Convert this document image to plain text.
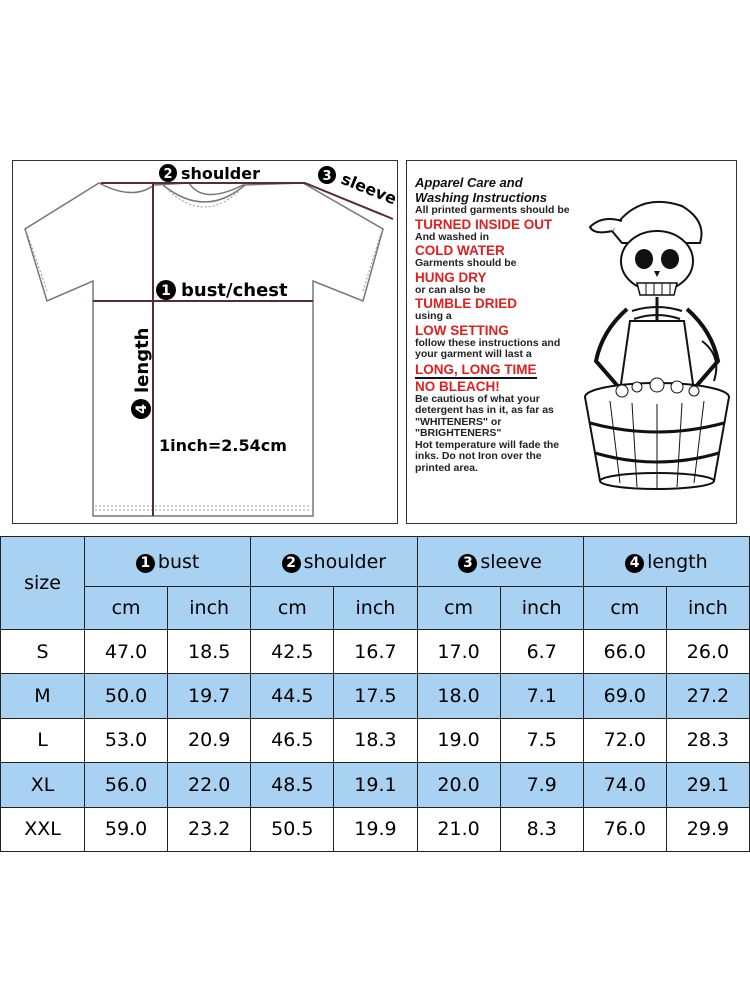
2 shoulder	3 sleeve
1 bust/chest
4
length
1inch=2.54cm
Apparel Care and
Washing Instructions
All printed garments should be
TURNED INSIDE OUT
And washed in
COLD WATER
Garments should be
HUNG DRY
or can also be
TUMBLE DRIED
using a
LOW SETTING
follow these instructions and
your garment will last a
LONG, LONG TIME
NO BLEACH!
Be cautious of what your
detergent has in it, as far as
"WHITENERS" or
"BRIGHTENERS"
Hot temperature will fade the
inks. Do not Iron over the
printed area.
size	1 bust		2 shoulder		3 sleeve		4 length	
	cm	inch	cm	inch	cm	inch	cm	inch
S	47.0	18.5	42.5	16.7	17.0	6.7	66.0	26.0
M	50.0	19.7	44.5	17.5	18.0	7.1	69.0	27.2
L	53.0	20.9	46.5	18.3	19.0	7.5	72.0	28.3
XL	56.0	22.0	48.5	19.1	20.0	7.9	74.0	29.1
XXL	59.0	23.2	50.5	19.9	21.0	8.3	76.0	29.9
